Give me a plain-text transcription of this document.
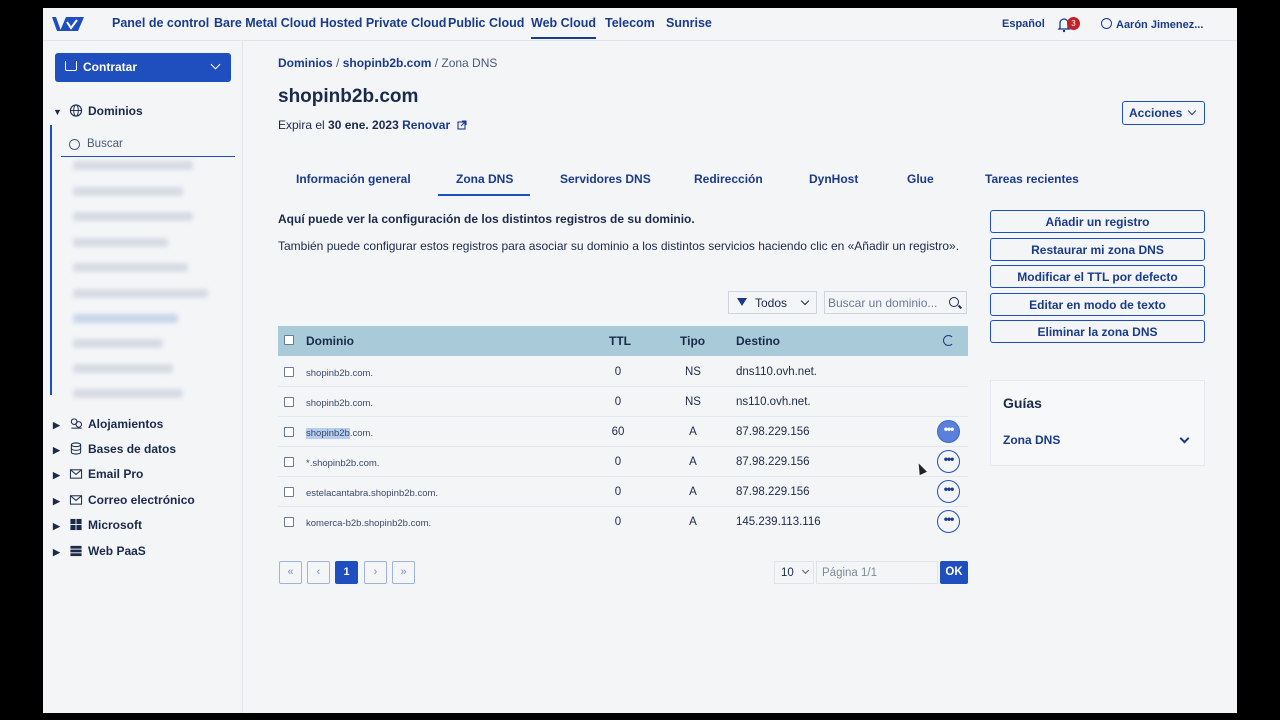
Panel de control Bare Metal Cloud Hosted Private Cloud Public Cloud Web Cloud Telecom Sunrise	Español	3	Aarón Jimenez...
Contratar
▼ Dominios
Buscar
▶ Alojamientos
▶ Bases de datos
▶ Email Pro
▶ Correo electrónico
▶ Microsoft
▶ Web PaaS
Dominios / shopinb2b.com / Zona DNS
shopinb2b.com
Expira el 30 ene. 2023 Renovar
Acciones
Información general	Zona DNS	Servidores DNS	Redirección	DynHost	Glue	Tareas recientes
Aquí puede ver la configuración de los distintos registros de su dominio.
También puede configurar estos registros para asociar su dominio a los distintos servicios haciendo clic en «Añadir un registro».
Añadir un registro
Restaurar mi zona DNS
Modificar el TTL por defecto
Editar en modo de texto
Eliminar la zona DNS
Todos	Buscar un dominio...
Dominio	TTL	Tipo	Destino
shopinb2b.com.	0	NS	dns110.ovh.net.
shopinb2b.com.	0	NS	ns110.ovh.net.
shopinb2b.com.	60	A	87.98.229.156	•••
*.shopinb2b.com.	0	A	87.98.229.156	•••
estelacantabra.shopinb2b.com.	0	A	87.98.229.156	•••
komerca-b2b.shopinb2b.com.	0	A	145.239.113.116	•••
«	‹	1	›	»	10	Página 1/1	OK
Guías
Zona DNS
